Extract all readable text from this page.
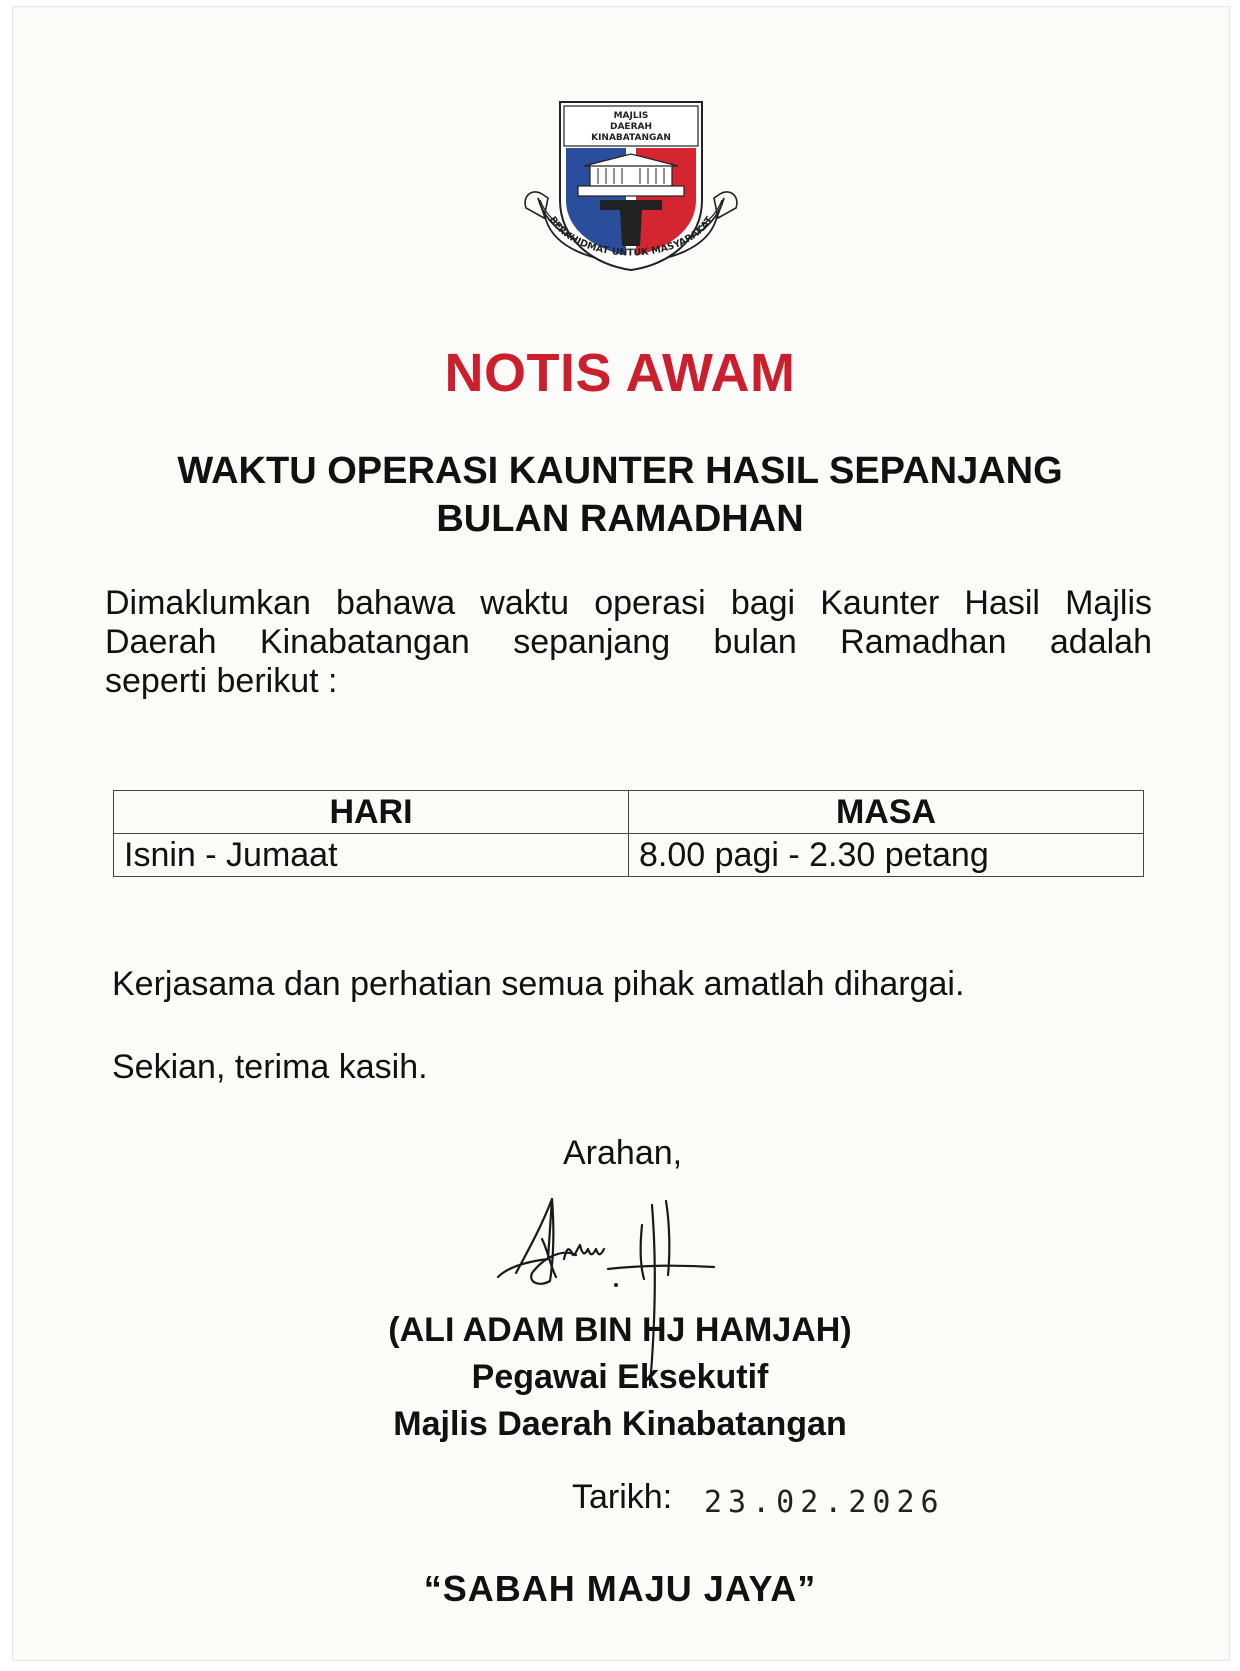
MAJLIS
DAERAH
KINABATANGAN
BERKHIDMAT UNTUK MASYARAKAT
NOTIS AWAM
WAKTU OPERASI KAUNTER HASIL SEPANJANG
BULAN RAMADHAN
Dimaklumkan bahawa waktu operasi bagi Kaunter Hasil Majlis
Daerah Kinabatangan sepanjang bulan Ramadhan adalah
seperti berikut :
HARI	MASA
Isnin - Jumaat	8.00 pagi - 2.30 petang
Kerjasama dan perhatian semua pihak amatlah dihargai.
Sekian, terima kasih.
Arahan,
(ALI ADAM BIN HJ HAMJAH)
Pegawai Eksekutif
Majlis Daerah Kinabatangan
Tarikh: 23.02.2026
“SABAH MAJU JAYA”
